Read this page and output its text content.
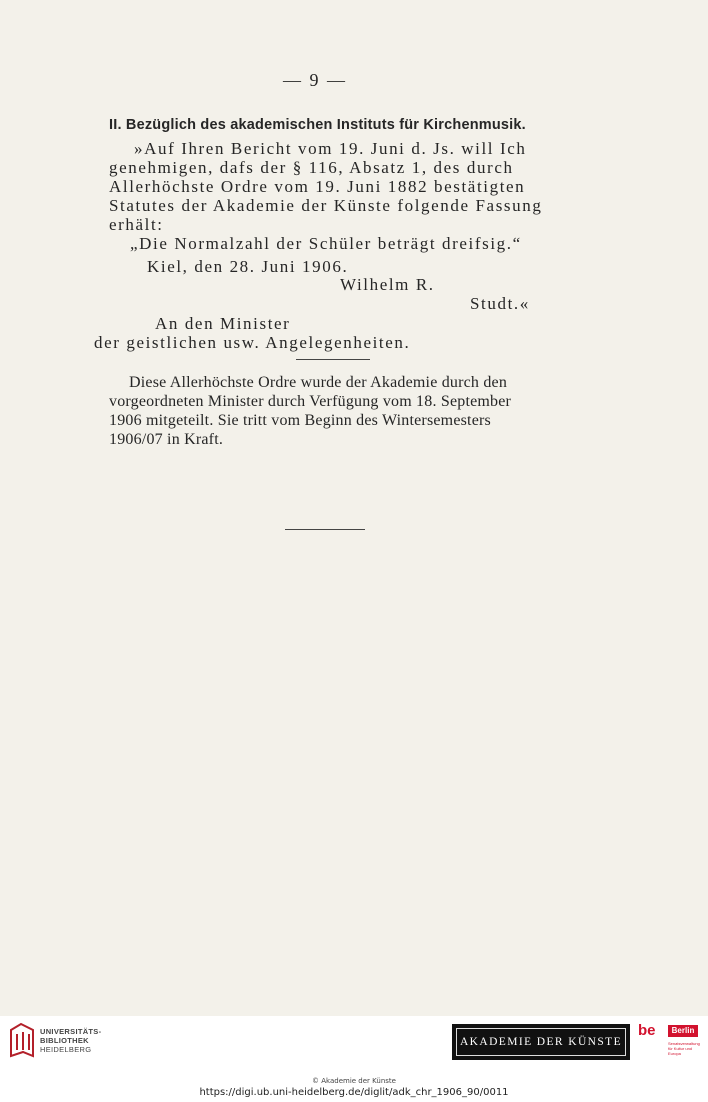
— 9 —
II. Bezüglich des akademischen Instituts für Kirchenmusik.
»Auf Ihren Bericht vom 19. Juni d. Js. will Ich
genehmigen, dafs der § 116, Absatz 1, des durch
Allerhöchste Ordre vom 19. Juni 1882 bestätigten
Statutes der Akademie der Künste folgende Fassung
erhält:
„Die Normalzahl der Schüler beträgt dreifsig.“
Kiel, den 28. Juni 1906.
Wilhelm R.
Studt.«
An den Minister
der geistlichen usw. Angelegenheiten.
Diese Allerhöchste Ordre wurde der Akademie durch den
vorgeordneten Minister durch Verfügung vom 18. September
1906 mitgeteilt. Sie tritt vom Beginn des Wintersemesters
1906/07 in Kraft.
UNIVERSITÄTS-
BIBLIOTHEK
HEIDELBERG
AKADEMIE DER KÜNSTE
be	Berlin
Senatsverwaltung für Kultur und Europa
© Akademie der Künste
https://digi.ub.uni-heidelberg.de/diglit/adk_chr_1906_90/0011
